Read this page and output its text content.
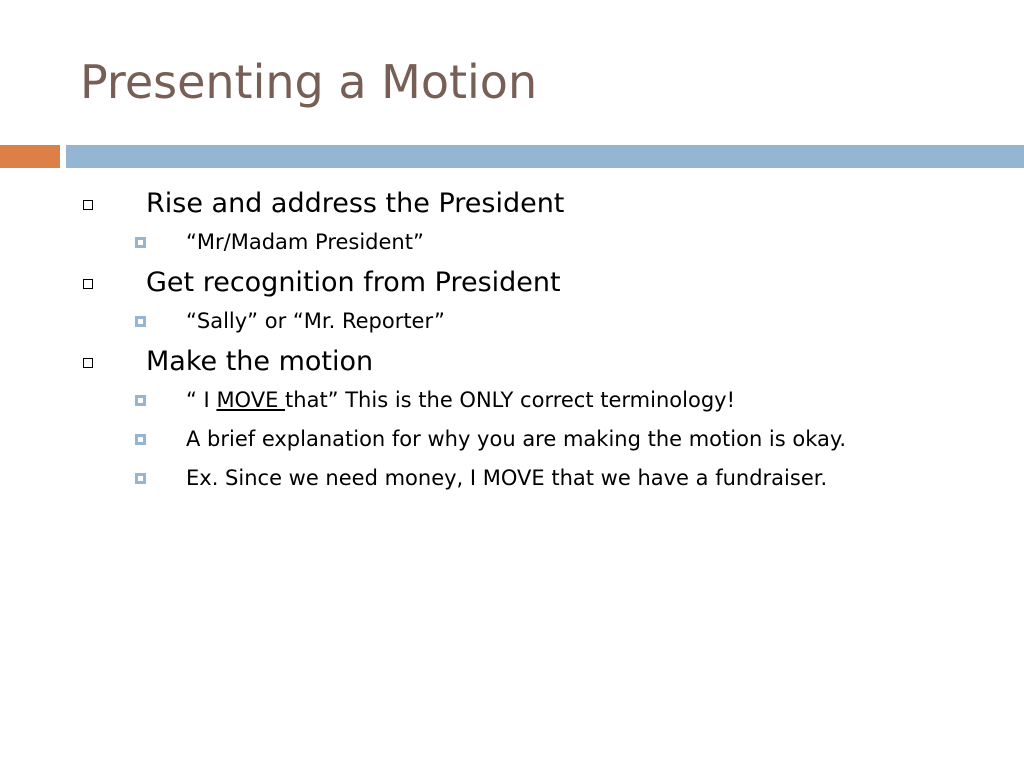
Presenting a Motion
Rise and address the President
“Mr/Madam President”
Get recognition from President
“Sally” or “Mr. Reporter”
Make the motion
“ I MOVE that” This is the ONLY correct terminology!
A brief explanation for why you are making the motion is okay.
Ex. Since we need money, I MOVE that we have a fundraiser.
